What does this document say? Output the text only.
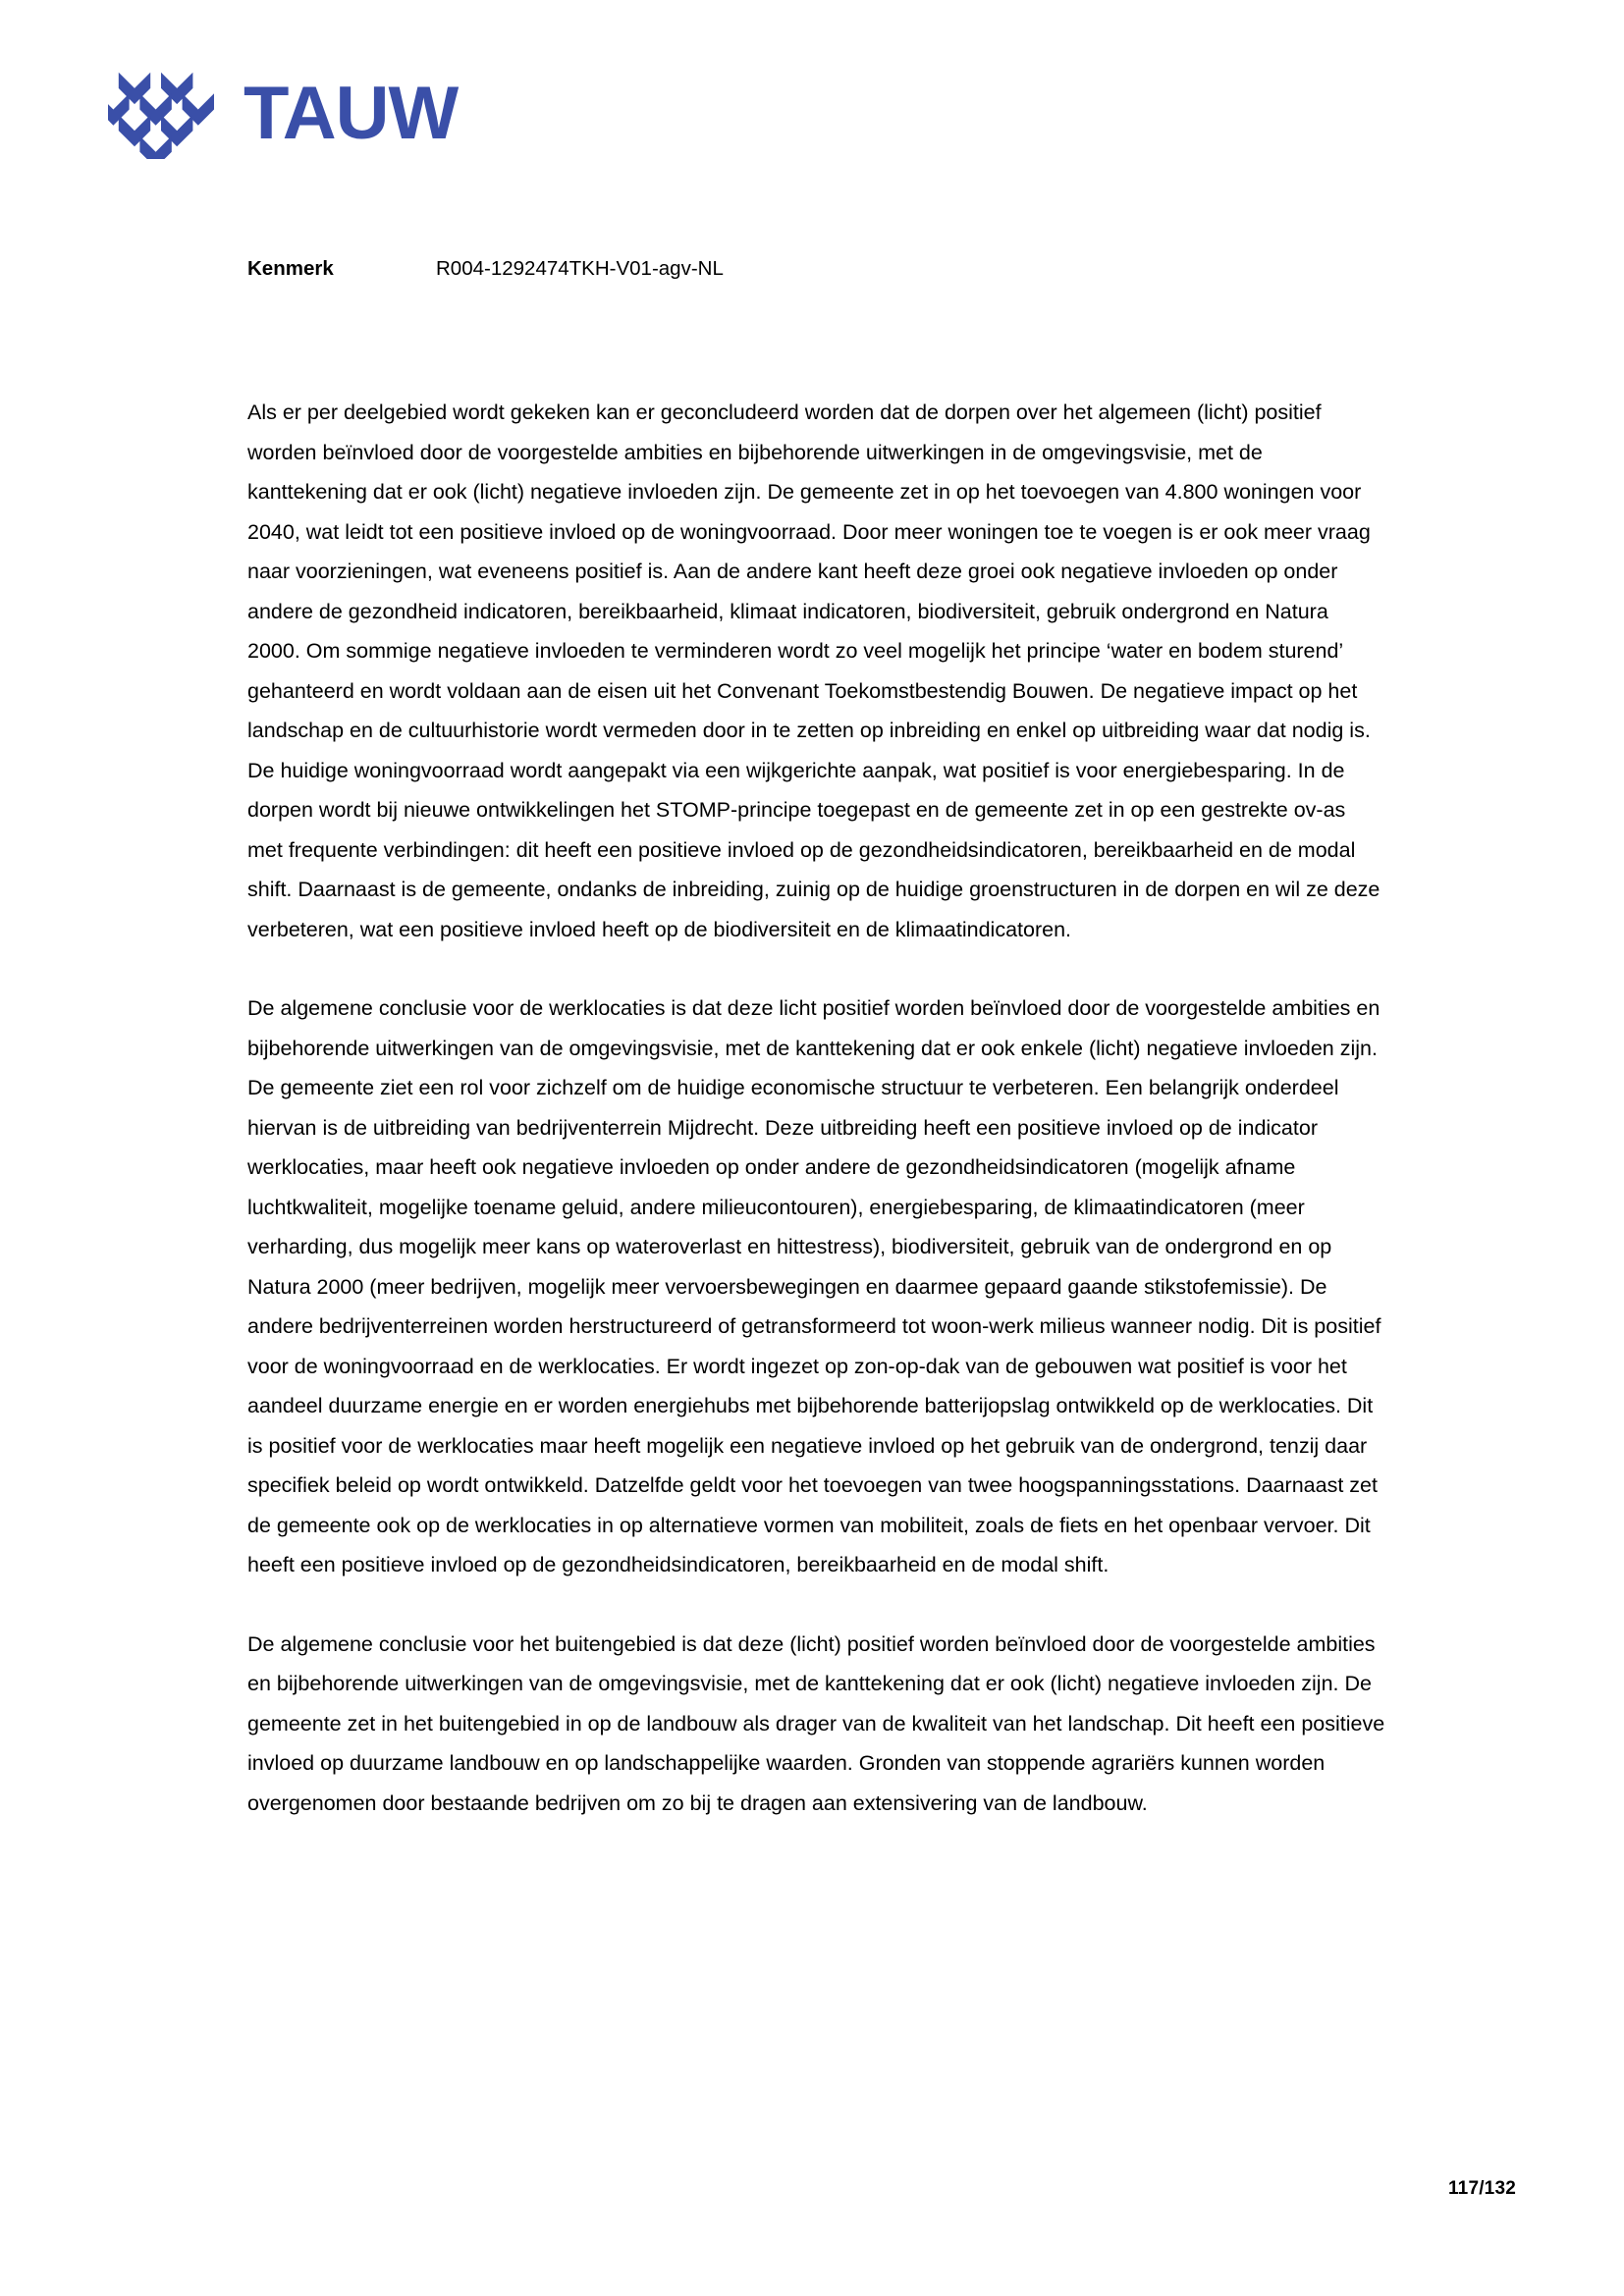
TAUW
Kenmerk	R004-1292474TKH-V01-agv-NL

Als er per deelgebied wordt gekeken kan er geconcludeerd worden dat de dorpen over het algemeen (licht) positief worden beïnvloed door de voorgestelde ambities en bijbehorende uitwerkingen in de omgevingsvisie, met de kanttekening dat er ook (licht) negatieve invloeden zijn. De gemeente zet in op het toevoegen van 4.800 woningen voor 2040, wat leidt tot een positieve invloed op de woningvoorraad. Door meer woningen toe te voegen is er ook meer vraag naar voorzieningen, wat eveneens positief is. Aan de andere kant heeft deze groei ook negatieve invloeden op onder andere de gezondheid indicatoren, bereikbaarheid, klimaat indicatoren, biodiversiteit, gebruik ondergrond en Natura 2000. Om sommige negatieve invloeden te verminderen wordt zo veel mogelijk het principe ‘water en bodem sturend’ gehanteerd en wordt voldaan aan de eisen uit het Convenant Toekomstbestendig Bouwen. De negatieve impact op het landschap en de cultuurhistorie wordt vermeden door in te zetten op inbreiding en enkel op uitbreiding waar dat nodig is. De huidige woningvoorraad wordt aangepakt via een wijkgerichte aanpak, wat positief is voor energiebesparing. In de dorpen wordt bij nieuwe ontwikkelingen het STOMP-principe toegepast en de gemeente zet in op een gestrekte ov-as met frequente verbindingen: dit heeft een positieve invloed op de gezondheidsindicatoren, bereikbaarheid en de modal shift. Daarnaast is de gemeente, ondanks de inbreiding, zuinig op de huidige groenstructuren in de dorpen en wil ze deze verbeteren, wat een positieve invloed heeft op de biodiversiteit en de klimaatindicatoren.

De algemene conclusie voor de werklocaties is dat deze licht positief worden beïnvloed door de voorgestelde ambities en bijbehorende uitwerkingen van de omgevingsvisie, met de kanttekening dat er ook enkele (licht) negatieve invloeden zijn. De gemeente ziet een rol voor zichzelf om de huidige economische structuur te verbeteren. Een belangrijk onderdeel hiervan is de uitbreiding van bedrijventerrein Mijdrecht. Deze uitbreiding heeft een positieve invloed op de indicator werklocaties, maar heeft ook negatieve invloeden op onder andere de gezondheidsindicatoren (mogelijk afname luchtkwaliteit, mogelijke toename geluid, andere milieucontouren), energiebesparing, de klimaatindicatoren (meer verharding, dus mogelijk meer kans op wateroverlast en hittestress), biodiversiteit, gebruik van de ondergrond en op Natura 2000 (meer bedrijven, mogelijk meer vervoersbewegingen en daarmee gepaard gaande stikstofemissie). De andere bedrijventerreinen worden herstructureerd of getransformeerd tot woon-werk milieus wanneer nodig. Dit is positief voor de woningvoorraad en de werklocaties. Er wordt ingezet op zon-op-dak van de gebouwen wat positief is voor het aandeel duurzame energie en er worden energiehubs met bijbehorende batterijopslag ontwikkeld op de werklocaties. Dit is positief voor de werklocaties maar heeft mogelijk een negatieve invloed op het gebruik van de ondergrond, tenzij daar specifiek beleid op wordt ontwikkeld. Datzelfde geldt voor het toevoegen van twee hoogspanningsstations. Daarnaast zet de gemeente ook op de werklocaties in op alternatieve vormen van mobiliteit, zoals de fiets en het openbaar vervoer. Dit heeft een positieve invloed op de gezondheidsindicatoren, bereikbaarheid en de modal shift.

De algemene conclusie voor het buitengebied is dat deze (licht) positief worden beïnvloed door de voorgestelde ambities en bijbehorende uitwerkingen van de omgevingsvisie, met de kanttekening dat er ook (licht) negatieve invloeden zijn. De gemeente zet in het buitengebied in op de landbouw als drager van de kwaliteit van het landschap. Dit heeft een positieve invloed op duurzame landbouw en op landschappelijke waarden. Gronden van stoppende agrariërs kunnen worden overgenomen door bestaande bedrijven om zo bij te dragen aan extensivering van de landbouw.

117/132
